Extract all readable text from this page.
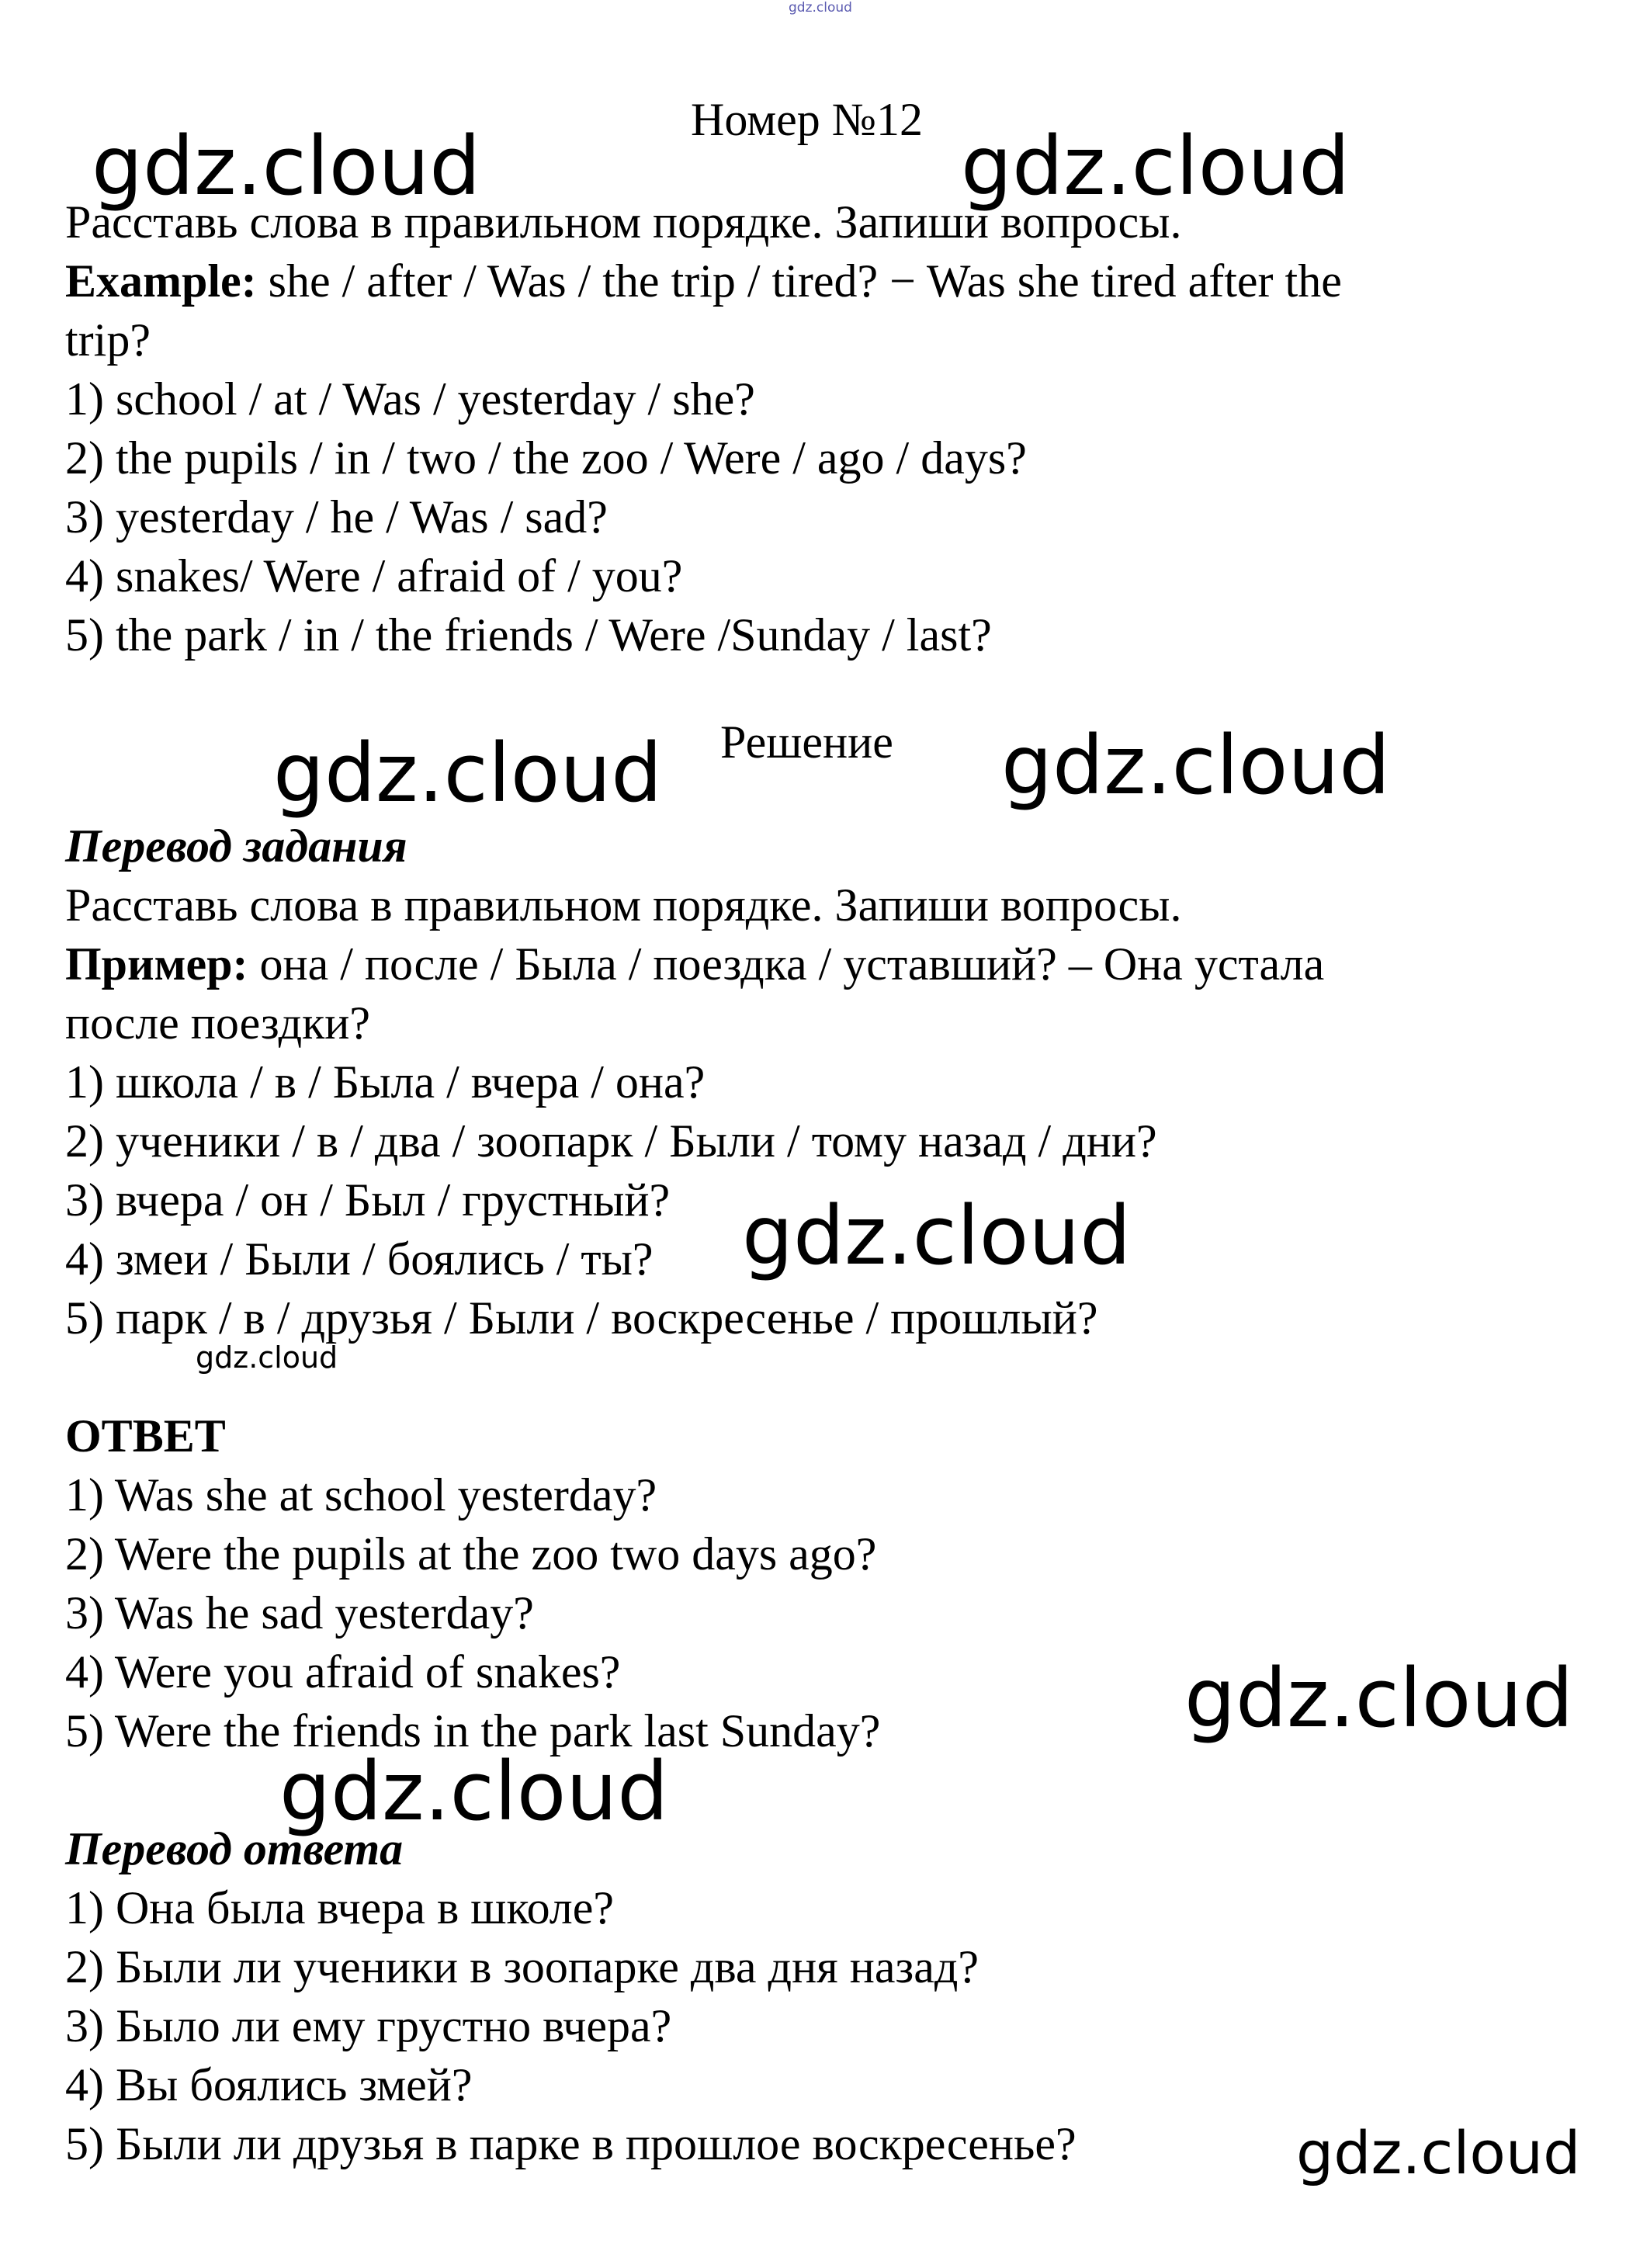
gdz.cloud
Номер №12
Расставь слова в правильном порядке. Запиши вопросы.
Example: she / after / Was / the trip / tired? − Was she tired after the
trip?
1) school / at / Was / yesterday / she?
2) the pupils / in / two / the zoo / Were / ago / days?
3) yesterday / he / Was / sad?
4) snakes/ Were / afraid of / you?
5) the park / in / the friends / Were /Sunday / last?
Решение
Перевод задания
Расставь слова в правильном порядке. Запиши вопросы.
Пример: она / после / Была / поездка / уставший? – Она устала
после поездки?
1) школа / в / Была / вчера / она?
2) ученики / в / два / зоопарк / Были / тому назад / дни?
3) вчера / он / Был / грустный?
4) змеи / Были / боялись / ты?
5) парк / в / друзья / Были / воскресенье / прошлый?
ОТВЕТ
1) Was she at school yesterday?
2) Were the pupils at the zoo two days ago?
3) Was he sad yesterday?
4) Were you afraid of snakes?
5) Were the friends in the park last Sunday?
Перевод ответа
1) Она была вчера в школе?
2) Были ли ученики в зоопарке два дня назад?
3) Было ли ему грустно вчера?
4) Вы боялись змей?
5) Были ли друзья в парке в прошлое воскресенье?
gdz.cloud	gdz.cloud
gdz.cloud	gdz.cloud
gdz.cloud
gdz.cloud
gdz.cloud
gdz.cloud
gdz.cloud
